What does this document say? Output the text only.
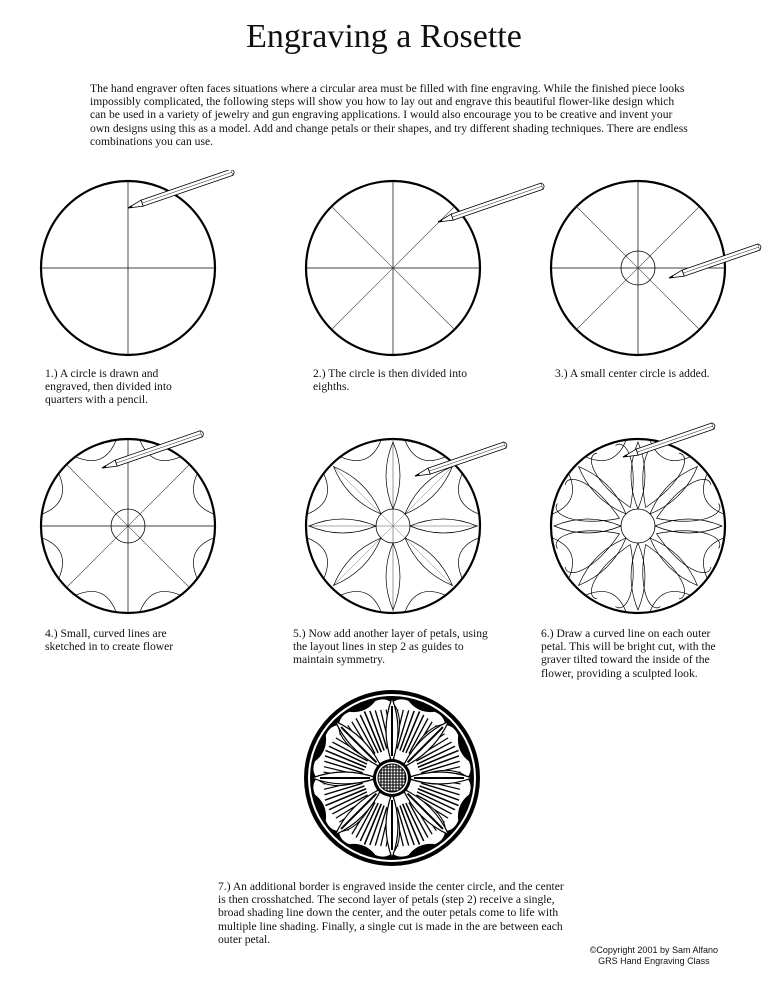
Engraving a Rosette

The hand engraver often faces situations where a circular area must be filled with fine engraving. While the finished piece looks impossibly complicated, the following steps will show you how to lay out and engrave this beautiful flower-like design which can be used in a variety of jewelry and gun engraving applications. I would also encourage you to be creative and invent your own designs using this as a model. Add and change petals or their shapes, and try different shading techniques. There are endless combinations you can use.

1.) A circle is drawn and engraved, then divided into quarters with a pencil.

2.) The circle is then divided into eighths.

3.) A small center circle is added.

4.) Small, curved lines are sketched in to create flower

5.) Now add another layer of petals, using the layout lines in step 2 as guides to maintain symmetry.

6.) Draw a curved line on each outer petal. This will be bright cut, with the graver tilted toward the inside of the flower, providing a sculpted look.

7.) An additional border is engraved inside the center circle, and the center is then crosshatched. The second layer of petals (step 2) receive a single, broad shading line down the center, and the outer petals come to life with multiple line shading. Finally, a single cut is made in the are between each outer petal.

©Copyright 2001 by Sam Alfano
GRS Hand Engraving Class
